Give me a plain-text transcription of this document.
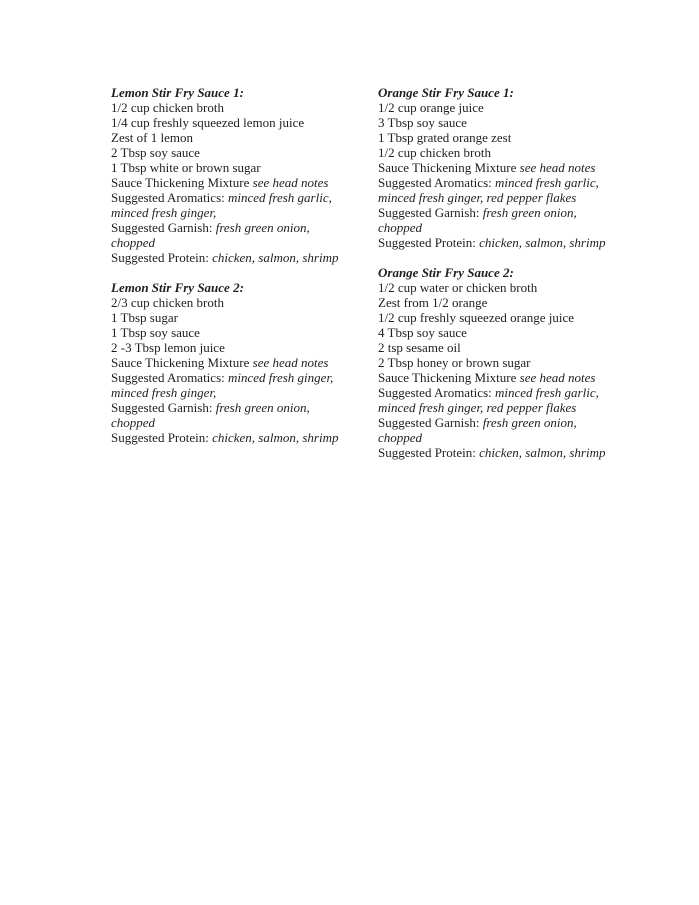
Lemon Stir Fry Sauce 1:
1/2 cup chicken broth
1/4 cup freshly squeezed lemon juice
Zest of 1 lemon
2 Tbsp soy sauce
1 Tbsp white or brown sugar
Sauce Thickening Mixture see head notes
Suggested Aromatics: minced fresh garlic,
minced fresh ginger,
Suggested Garnish: fresh green onion,
chopped
Suggested Protein: chicken, salmon, shrimp
Lemon Stir Fry Sauce 2:
2/3 cup chicken broth
1 Tbsp sugar
1 Tbsp soy sauce
2 -3 Tbsp lemon juice
Sauce Thickening Mixture see head notes
Suggested Aromatics: minced fresh ginger,
minced fresh ginger,
Suggested Garnish: fresh green onion,
chopped
Suggested Protein: chicken, salmon, shrimp
Orange Stir Fry Sauce 1:
1/2 cup orange juice
3 Tbsp soy sauce
1 Tbsp grated orange zest
1/2 cup chicken broth
Sauce Thickening Mixture see head notes
Suggested Aromatics: minced fresh garlic,
minced fresh ginger, red pepper flakes
Suggested Garnish: fresh green onion,
chopped
Suggested Protein: chicken, salmon, shrimp
Orange Stir Fry Sauce 2:
1/2 cup water or chicken broth
Zest from 1/2 orange
1/2 cup freshly squeezed orange juice
4 Tbsp soy sauce
2 tsp sesame oil
2 Tbsp honey or brown sugar
Sauce Thickening Mixture see head notes
Suggested Aromatics: minced fresh garlic,
minced fresh ginger, red pepper flakes
Suggested Garnish: fresh green onion,
chopped
Suggested Protein: chicken, salmon, shrimp
